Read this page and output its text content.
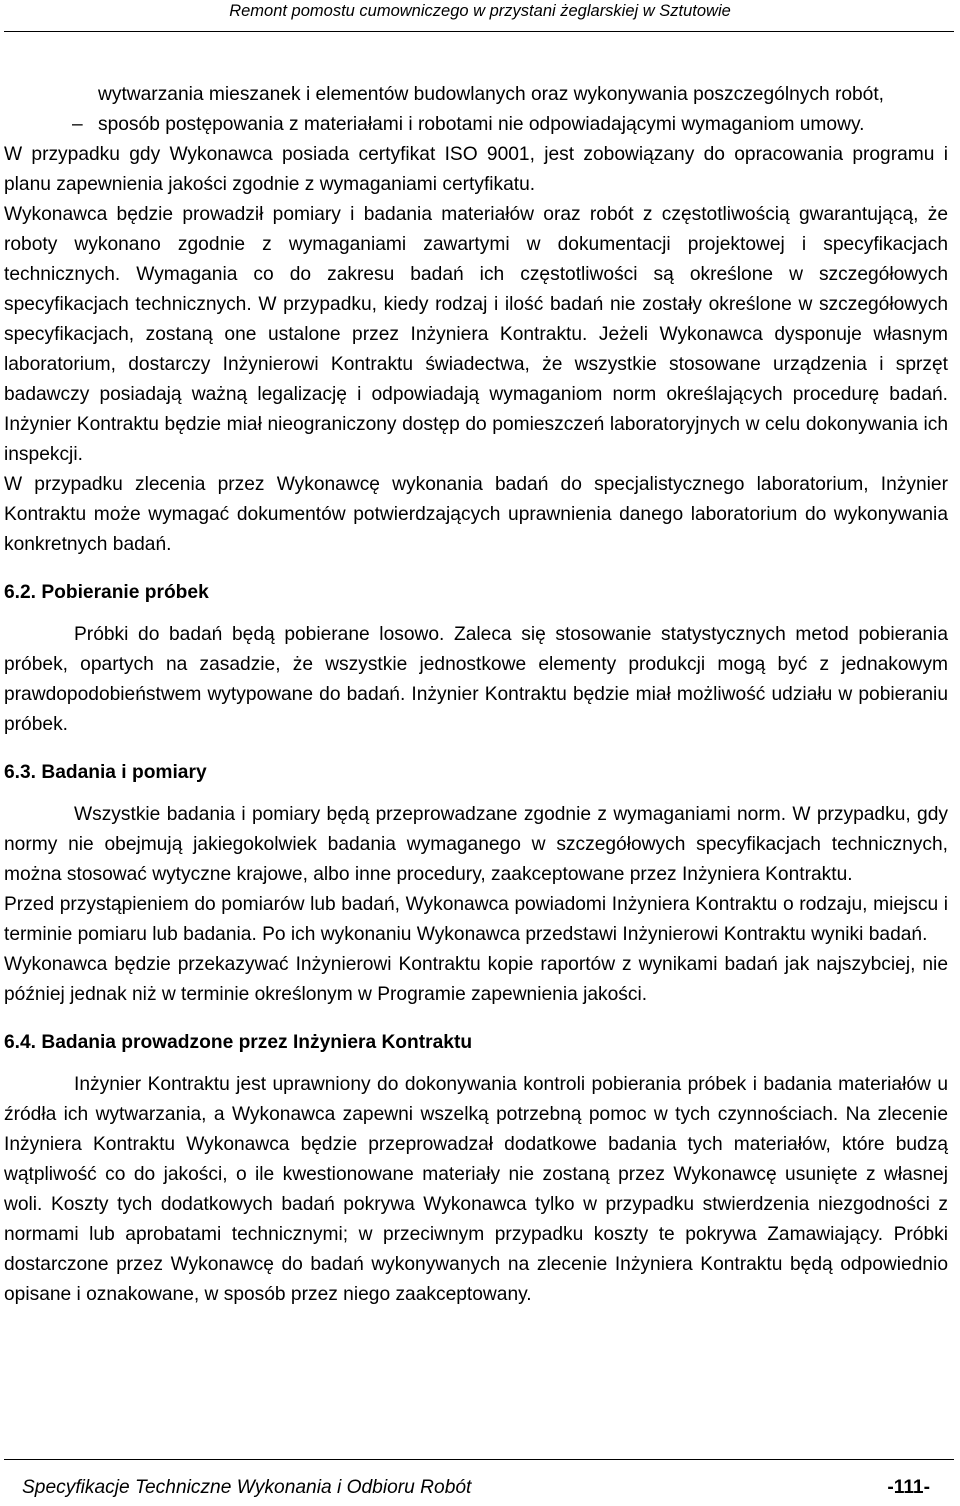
Remont pomostu cumowniczego w przystani żeglarskiej w Sztutowie

wytwarzania mieszanek i elementów budowlanych oraz wykonywania poszczególnych robót,

– sposób postępowania z materiałami i robotami nie odpowiadającymi wymaganiom umowy.

W przypadku gdy Wykonawca posiada certyfikat ISO 9001, jest zobowiązany do opracowania programu i planu zapewnienia jakości zgodnie z wymaganiami certyfikatu.

Wykonawca będzie prowadził pomiary i badania materiałów oraz robót z częstotliwością gwarantującą, że roboty wykonano zgodnie z wymaganiami zawartymi w dokumentacji projektowej i specyfikacjach technicznych. Wymagania co do zakresu badań ich częstotliwości są określone w szczegółowych specyfikacjach technicznych. W przypadku, kiedy rodzaj i ilość badań nie zostały określone w szczegółowych specyfikacjach, zostaną one ustalone przez Inżyniera Kontraktu. Jeżeli Wykonawca dysponuje własnym laboratorium, dostarczy Inżynierowi Kontraktu świadectwa, że wszystkie stosowane urządzenia i sprzęt badawczy posiadają ważną legalizację i odpowiadają wymaganiom norm określających procedurę badań. Inżynier Kontraktu będzie miał nieograniczony dostęp do pomieszczeń laboratoryjnych w celu dokonywania ich inspekcji.

W przypadku zlecenia przez Wykonawcę wykonania badań do specjalistycznego laboratorium, Inżynier Kontraktu może wymagać dokumentów potwierdzających uprawnienia danego laboratorium do wykonywania konkretnych badań.

6.2. Pobieranie próbek

Próbki do badań będą pobierane losowo. Zaleca się stosowanie statystycznych metod pobierania próbek, opartych na zasadzie, że wszystkie jednostkowe elementy produkcji mogą być z jednakowym prawdopodobieństwem wytypowane do badań. Inżynier Kontraktu będzie miał możliwość udziału w pobieraniu próbek.

6.3. Badania i pomiary

Wszystkie badania i pomiary będą przeprowadzane zgodnie z wymaganiami norm. W przypadku, gdy normy nie obejmują jakiegokolwiek badania wymaganego w szczegółowych specyfikacjach technicznych, można stosować wytyczne krajowe, albo inne procedury, zaakceptowane przez Inżyniera Kontraktu.

Przed przystąpieniem do pomiarów lub badań, Wykonawca powiadomi Inżyniera Kontraktu o rodzaju, miejscu i terminie pomiaru lub badania. Po ich wykonaniu Wykonawca przedstawi Inżynierowi Kontraktu wyniki badań.

Wykonawca będzie przekazywać Inżynierowi Kontraktu kopie raportów z wynikami badań jak najszybciej, nie później jednak niż w terminie określonym w Programie zapewnienia jakości.

6.4. Badania prowadzone przez Inżyniera Kontraktu

Inżynier Kontraktu jest uprawniony do dokonywania kontroli pobierania próbek i badania materiałów u źródła ich wytwarzania, a Wykonawca zapewni wszelką potrzebną pomoc w tych czynnościach. Na zlecenie Inżyniera Kontraktu Wykonawca będzie przeprowadzał dodatkowe badania tych materiałów, które budzą wątpliwość co do jakości, o ile kwestionowane materiały nie zostaną przez Wykonawcę usunięte z własnej woli. Koszty tych dodatkowych badań pokrywa Wykonawca tylko w przypadku stwierdzenia niezgodności z normami lub aprobatami technicznymi; w przeciwnym przypadku koszty te pokrywa Zamawiający. Próbki dostarczone przez Wykonawcę do badań wykonywanych na zlecenie Inżyniera Kontraktu będą odpowiednio opisane i oznakowane, w sposób przez niego zaakceptowany.

Specyfikacje Techniczne Wykonania i Odbioru Robót	-111-
